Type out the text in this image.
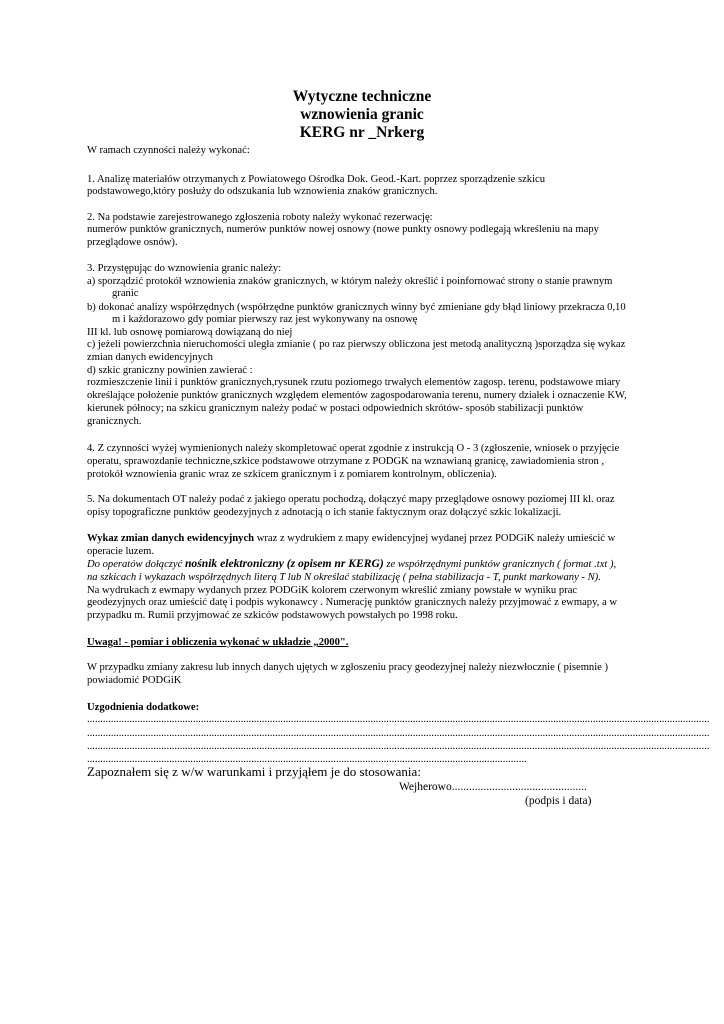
Wytyczne techniczne
wznowienia granic
KERG nr _Nrkerg
W ramach czynności należy wykonać:
1. Analizę materiałów otrzymanych z Powiatowego Ośrodka Dok. Geod.-Kart. poprzez sporządzenie szkicu
podstawowego,który posłuży do odszukania lub wznowienia znaków granicznych.
2. Na podstawie zarejestrowanego zgłoszenia roboty należy wykonać rezerwację:
numerów punktów granicznych, numerów punktów nowej osnowy (nowe punkty osnowy podlegają wkreśleniu na mapy
przeglądowe osnów).
3. Przystępując do wznowienia granic należy:
a) sporządzić protokół wznowienia znaków granicznych, w którym należy określić i poinfornować strony o stanie prawnym
granic
b) dokonać analizy współrzędnych (współrzędne punktów granicznych winny być zmieniane gdy błąd liniowy przekracza 0,10
m i każdorazowo gdy pomiar pierwszy raz jest wykonywany na osnowę
III kl. lub osnowę pomiarową dowiązaną do niej
c) jeżeli powierzchnia nieruchomości uległa zmianie ( po raz pierwszy obliczona jest metodą analityczną )sporządza się wykaz
zmian danych ewidencyjnych
d) szkic graniczny powinien zawierać :
rozmieszczenie linii i punktów granicznych,rysunek rzutu poziomego trwałych elementów zagosp. terenu, podstawowe miary
określające położenie punktów granicznych względem elementów zagospodarowania terenu, numery działek i oznaczenie KW,
kierunek północy; na szkicu granicznym należy podać w postaci odpowiednich skrótów- sposób stabilizacji punktów
granicznych.
4. Z czynności wyżej wymienionych należy skompletować operat zgodnie z instrukcją O - 3 (zgłoszenie, wniosek o przyjęcie
operatu, sprawozdanie techniczne,szkice podstawowe otrzymane z PODGK na wznawianą granicę, zawiadomienia stron ,
protokół wznowienia granic wraz ze szkicem granicznym i z pomiarem kontrolnym, obliczenia).
5. Na dokumentach OT należy podać z jakiego operatu pochodzą, dołączyć mapy przeglądowe osnowy poziomej III kl. oraz
opisy topograficzne punktów geodezyjnych z adnotacją o ich stanie faktycznym oraz dołączyć szkic lokalizacji.
Wykaz zmian danych ewidencyjnych wraz z wydrukiem z mapy ewidencyjnej wydanej przez PODGiK należy umieścić w
operacie luzem.
Do operatów dołączyć nośnik elektroniczny (z opisem nr KERG) ze współrzędnymi punktów granicznych ( format .txt ),
na szkicach i wykazach współrzędnych literą T lub N określać stabilizację ( pełna stabilizacja - T, punkt markowany - N).
Na wydrukach z ewmapy wydanych przez PODGiK kolorem czerwonym wkreślić zmiany powstałe w wyniku prac
geodezyjnych oraz umieścić datę i podpis wykonawcy . Numerację punktów granicznych należy przyjmować z ewmapy, a w
przypadku m. Rumii przyjmować ze szkiców podstawowych powstałych po 1998 roku.
Uwaga! - pomiar i obliczenia wykonać w układzie „2000".
W przypadku zmiany zakresu lub innych danych ujętych w zgłoszeniu pracy geodezyjnej należy niezwłocznie ( pisemnie )
powiadomić PODGiK
Uzgodnienia dodatkowe:
...........................................................................................................................................................................................................................................
...........................................................................................................................................................................................................................................
...........................................................................................................................................................................................................................................
......................................................................................................................................................................
Zapoznałem się z w/w warunkami i przyjąłem je do stosowania:
Wejherowo...............................................
(podpis i data)
